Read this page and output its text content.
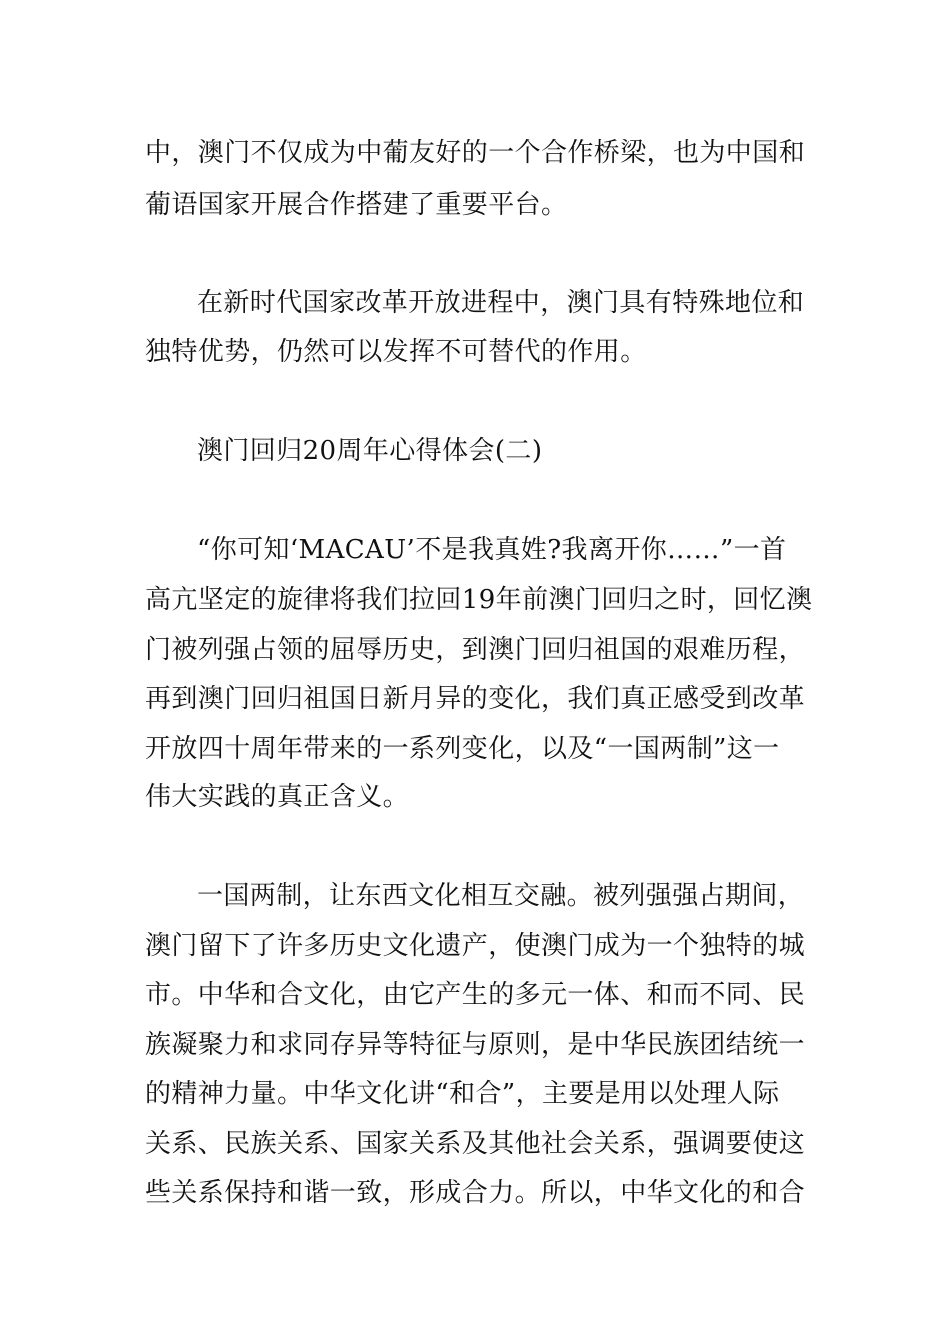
中，澳门不仅成为中葡友好的一个合作桥梁，也为中国和
葡语国家开展合作搭建了重要平台。
在新时代国家改革开放进程中，澳门具有特殊地位和
独特优势，仍然可以发挥不可替代的作用。
澳门回归20周年心得体会(二)
“你可知‘MACAU’不是我真姓?我离开你……”一首
高亢坚定的旋律将我们拉回19年前澳门回归之时，回忆澳
门被列强占领的屈辱历史，到澳门回归祖国的艰难历程，
再到澳门回归祖国日新月异的变化，我们真正感受到改革
开放四十周年带来的一系列变化，以及“一国两制”这一
伟大实践的真正含义。
一国两制，让东西文化相互交融。被列强强占期间，
澳门留下了许多历史文化遗产，使澳门成为一个独特的城
市。中华和合文化，由它产生的多元一体、和而不同、民
族凝聚力和求同存异等特征与原则，是中华民族团结统一
的精神力量。中华文化讲“和合”，主要是用以处理人际
关系、民族关系、国家关系及其他社会关系，强调要使这
些关系保持和谐一致，形成合力。所以，中华文化的和合
